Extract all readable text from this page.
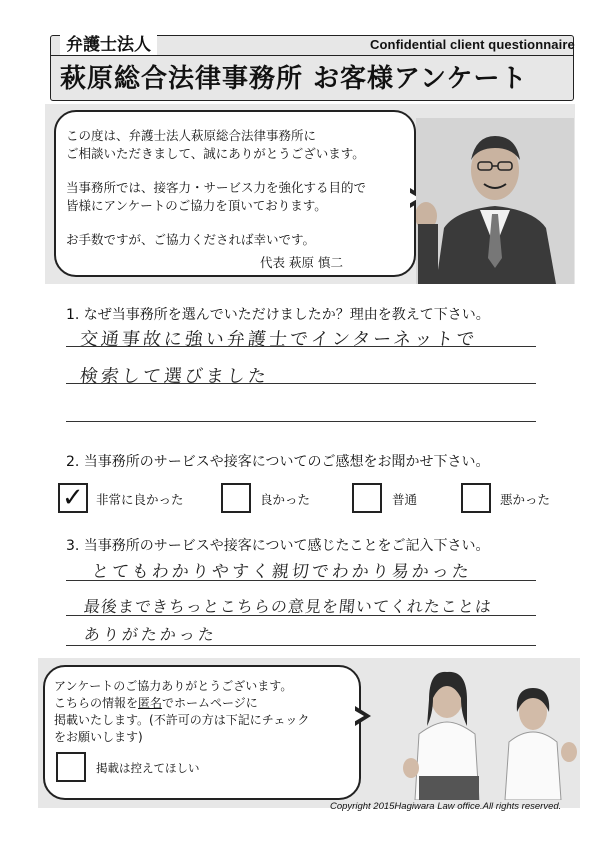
弁護士法人	Confidential client questionnaire
萩原総合法律事務所 お客様アンケート
この度は、弁護士法人萩原総合法律事務所に
ご相談いただきまして、誠にありがとうございます。
当事務所では、接客力・サービス力を強化する目的で
皆様にアンケートのご協力を頂いております。
お手数ですが、ご協力くだされば幸いです。
代表 萩原 慎二
1. なぜ当事務所を選んでいただけましたか？理由を教えて下さい。
交通事故に強い弁護士でインターネットで
検索して選びました
2. 当事務所のサービスや接客についてのご感想をお聞かせ下さい。
✓ 非常に良かった	良かった	普通	悪かった
3. 当事務所のサービスや接客について感じたことをご記入下さい。
とてもわかりやすく親切でわかり易かった
最後まできちっとこちらの意見を聞いてくれたことは
ありがたかった
アンケートのご協力ありがとうございます。
こちらの情報を匿名でホームページに
掲載いたします。(不許可の方は下記にチェック
をお願いします)
掲載は控えてほしい
Copyright 2015Hagiwara Law office.All rights reserved.
